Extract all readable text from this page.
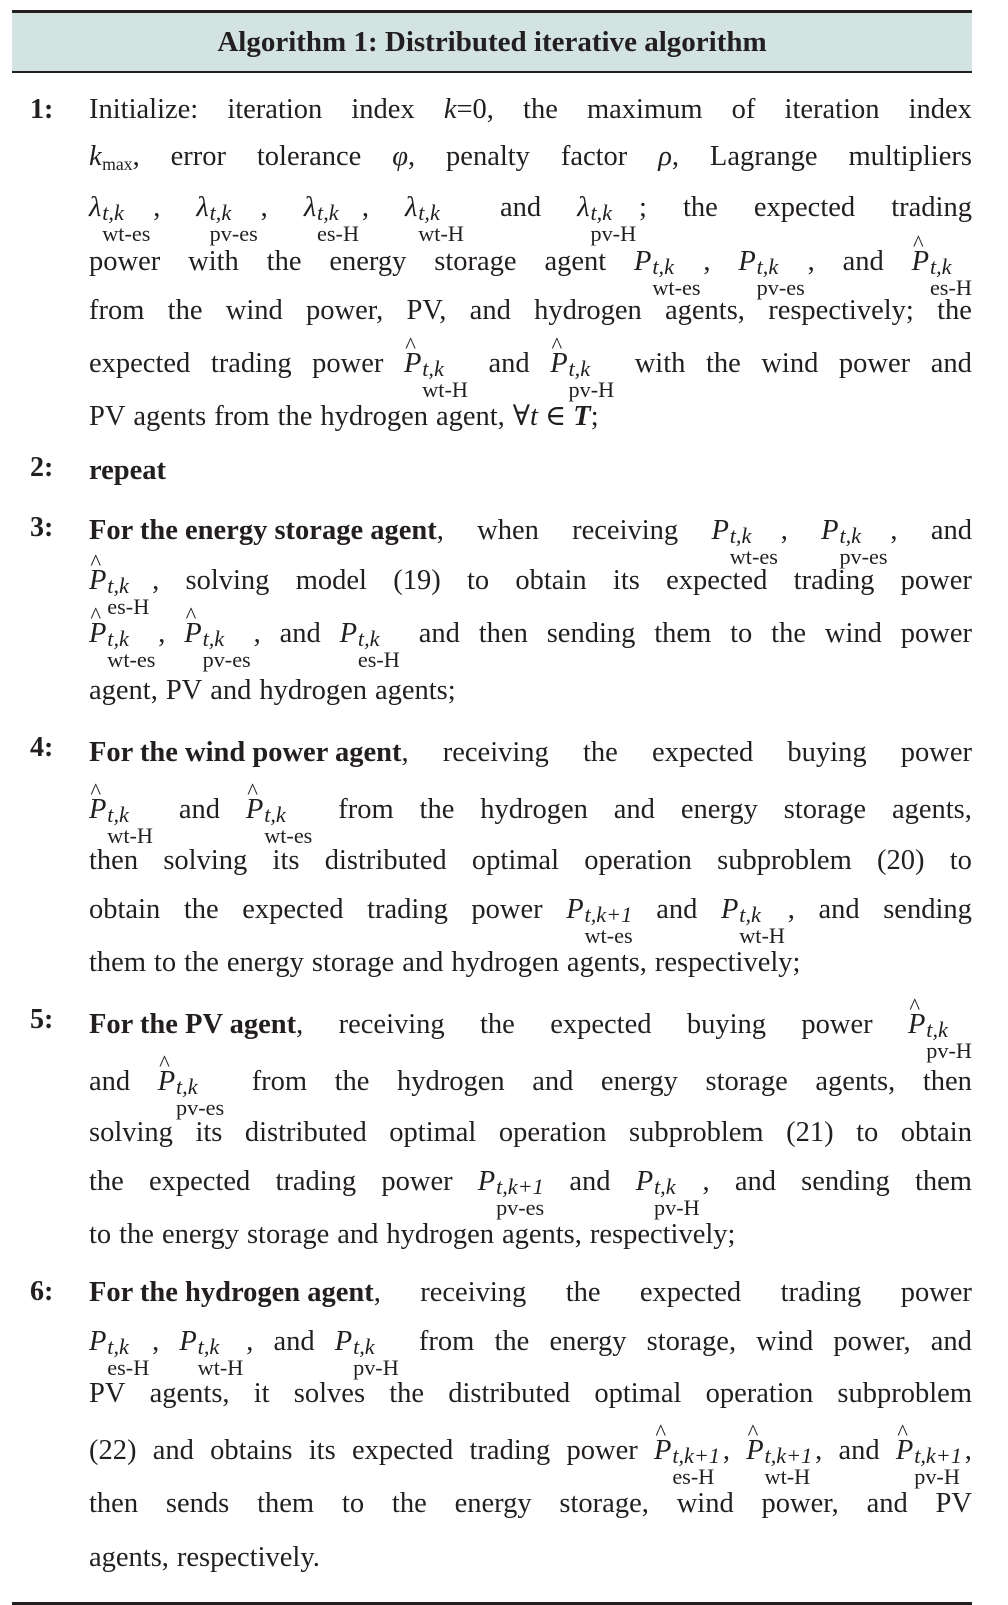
Algorithm 1: Distributed iterative algorithm
1: Initialize: iteration index k=0, the maximum of iteration index
kmax, error tolerance φ, penalty factor ρ, Lagrange multipliers
λ t,k
wt-es
, λ t,k
pv-es
, λ t,k
es-H
, λ t,k
wt-H
and λ t,k
pv-H
; the expected trading
power with the energy storage agent P t,k
wt-es
, P t,k
pv-es
, and ^ P t,k
es-H
from the wind power, PV, and hydrogen agents, respectively; the
expected trading power ^ P t,k
wt-H
and ^ P t,k
pv-H
with the wind power and
PV agents from the hydrogen agent, ∀t ∈ T;
2: repeat
3: For the energy storage agent, when receiving P t,k
wt-es
, P t,k
pv-es
, and
^ P t,k
es-H
, solving model (19) to obtain its expected trading power
^ P t,k
wt-es
, ^ P t,k
pv-es
, and P t,k
es-H
and then sending them to the wind power
agent, PV and hydrogen agents;
4: For the wind power agent, receiving the expected buying power
^ P t,k
wt-H
and ^ P t,k
wt-es
from the hydrogen and energy storage agents,
then solving its distributed optimal operation subproblem (20) to
obtain the expected trading power P t,k+1
wt-es
and P t,k
wt-H
, and sending
them to the energy storage and hydrogen agents, respectively;
5: For the PV agent, receiving the expected buying power ^ P t,k
pv-H
and ^ P t,k
pv-es
from the hydrogen and energy storage agents, then
solving its distributed optimal operation subproblem (21) to obtain
the expected trading power P t,k+1
pv-es
and P t,k
pv-H
, and sending them
to the energy storage and hydrogen agents, respectively;
6: For the hydrogen agent, receiving the expected trading power
P t,k
es-H
, P t,k
wt-H
, and P t,k
pv-H
from the energy storage, wind power, and
PV agents, it solves the distributed optimal operation subproblem
(22) and obtains its expected trading power ^ P t,k+1
es-H
, ^ P t,k+1
wt-H
, and ^ P t,k+1
pv-H
,
then sends them to the energy storage, wind power, and PV
agents, respectively.
